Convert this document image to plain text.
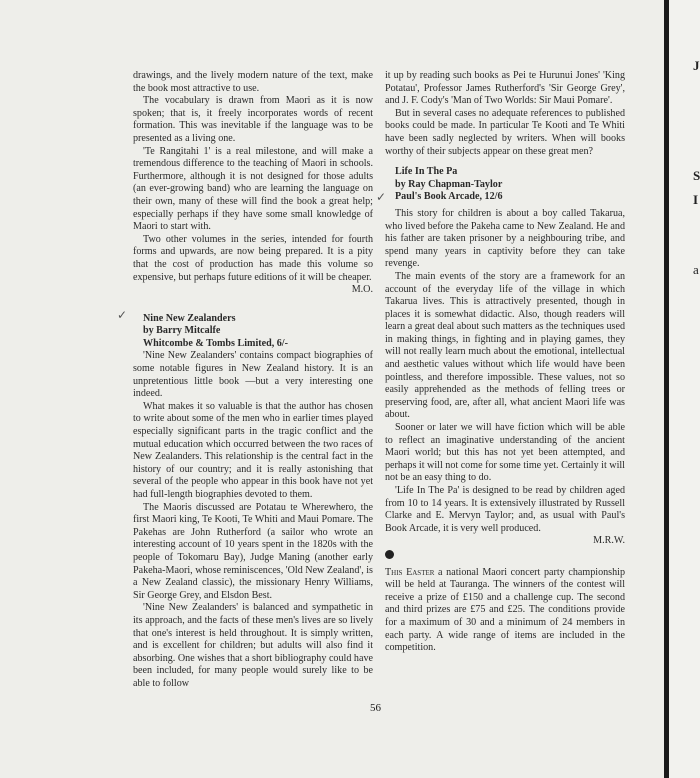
drawings, and the lively modern nature of the text, make the book most attractive to use.

The vocabulary is drawn from Maori as it is now spoken; that is, it freely incorporates words of recent formation. This was inevitable if the language was to be presented as a living one.

'Te Rangitahi 1' is a real milestone, and will make a tremendous difference to the teaching of Maori in schools. Furthermore, although it is not designed for those adults (an ever-growing band) who are learning the language on their own, many of these will find the book a great help; especially perhaps if they have some small knowledge of Maori to start with.

Two other volumes in the series, intended for fourth forms and upwards, are now being prepared. It is a pity that the cost of production has made this volume so expensive, but perhaps future editions of it will be cheaper.

M.O.

Nine New Zealanders

by Barry Mitcalfe

Whitcombe & Tombs Limited, 6/-

'Nine New Zealanders' contains compact biographies of some notable figures in New Zealand history. It is an unpretentious little book —but a very interesting one indeed.

What makes it so valuable is that the author has chosen to write about some of the men who in earlier times played especially significant parts in the tragic conflict and the mutual education which occurred between the two races of New Zealanders. This relationship is the central fact in the history of our country; and it is really astonishing that several of the people who appear in this book have not yet had full-length biographies devoted to them.

The Maoris discussed are Potatau te Wherewhero, the first Maori king, Te Kooti, Te Whiti and Maui Pomare. The Pakehas are John Rutherford (a sailor who wrote an interesting account of 10 years spent in the 1820s with the people of Tokomaru Bay), Judge Maning (another early Pakeha-Maori, whose reminiscences, 'Old New Zealand', is a New Zealand classic), the missionary Henry Williams, Sir George Grey, and Elsdon Best.

'Nine New Zealanders' is balanced and sympathetic in its approach, and the facts of these men's lives are so lively that one's interest is held throughout. It is simply written, and is excellent for children; but adults will also find it absorbing. One wishes that a short bibliography could have been included, for many people would surely like to be able to follow

it up by reading such books as Pei te Hurunui Jones' 'King Potatau', Professor James Rutherford's 'Sir George Grey', and J. F. Cody's 'Man of Two Worlds: Sir Maui Pomare'.

But in several cases no adequate references to published books could be made. In particular Te Kooti and Te Whiti have been sadly neglected by writers. When will books worthy of their subjects appear on these great men?

Life In The Pa

by Ray Chapman-Taylor

Paul's Book Arcade, 12/6

This story for children is about a boy called Takarua, who lived before the Pakeha came to New Zealand. He and his father are taken prisoner by a neighbouring tribe, and spend many years in captivity before they can take revenge.

The main events of the story are a framework for an account of the everyday life of the village in which Takarua lives. This is attractively presented, though in places it is somewhat didactic. Also, though readers will learn a great deal about such matters as the techniques used in making things, in fighting and in playing games, they will not really learn much about the emotional, intellectual and aesthetic values without which life would have been pointless, and therefore impossible. These values, not so easily apprehended as the methods of felling trees or preserving food, are, after all, what ancient Maori life was about.

Sooner or later we will have fiction which will be able to reflect an imaginative understanding of the ancient Maori world; but this has not yet been attempted, and perhaps it will not come for some time yet. Certainly it will not be an easy thing to do.

'Life In The Pa' is designed to be read by children aged from 10 to 14 years. It is extensively illustrated by Russell Clarke and E. Mervyn Taylor; and, as usual with Paul's Book Arcade, it is very well produced.

M.R.W.

This Easter a national Maori concert party championship will be held at Tauranga. The winners of the contest will receive a prize of £150 and a challenge cup. The second and third prizes are £75 and £25. The conditions provide for a maximum of 30 and a minimum of 24 members in each party. A wide range of items are included in the competition.

✓
✓
56
J
S
I
a
